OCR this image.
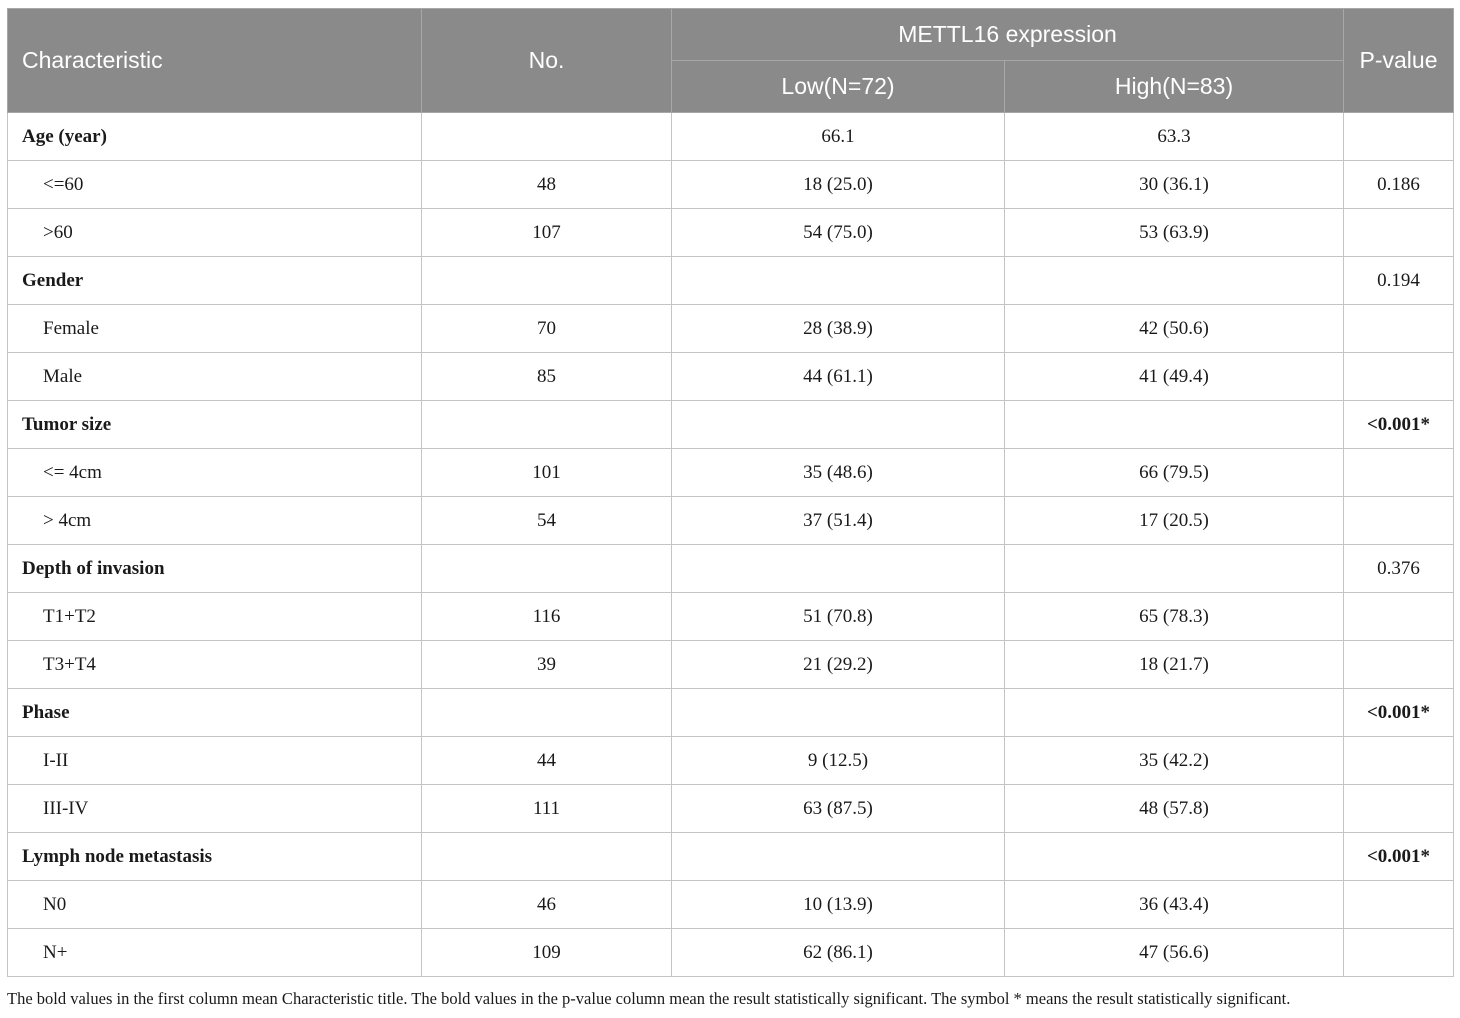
Characteristic	No.	METTL16 expression		P-value
		Low(N=72)	High(N=83)	
Age (year)		66.1	63.3	
<=60	48	18 (25.0)	30 (36.1)	0.186
>60	107	54 (75.0)	53 (63.9)	
Gender				0.194
Female	70	28 (38.9)	42 (50.6)	
Male	85	44 (61.1)	41 (49.4)	
Tumor size				<0.001*
<= 4cm	101	35 (48.6)	66 (79.5)	
> 4cm	54	37 (51.4)	17 (20.5)	
Depth of invasion				0.376
T1+T2	116	51 (70.8)	65 (78.3)	
T3+T4	39	21 (29.2)	18 (21.7)	
Phase				<0.001*
I-II	44	9 (12.5)	35 (42.2)	
III-IV	111	63 (87.5)	48 (57.8)	
Lymph node metastasis				<0.001*
N0	46	10 (13.9)	36 (43.4)	
N+	109	62 (86.1)	47 (56.6)	
The bold values in the first column mean Characteristic title. The bold values in the p-value column mean the result statistically significant. The symbol * means the result statistically significant.
